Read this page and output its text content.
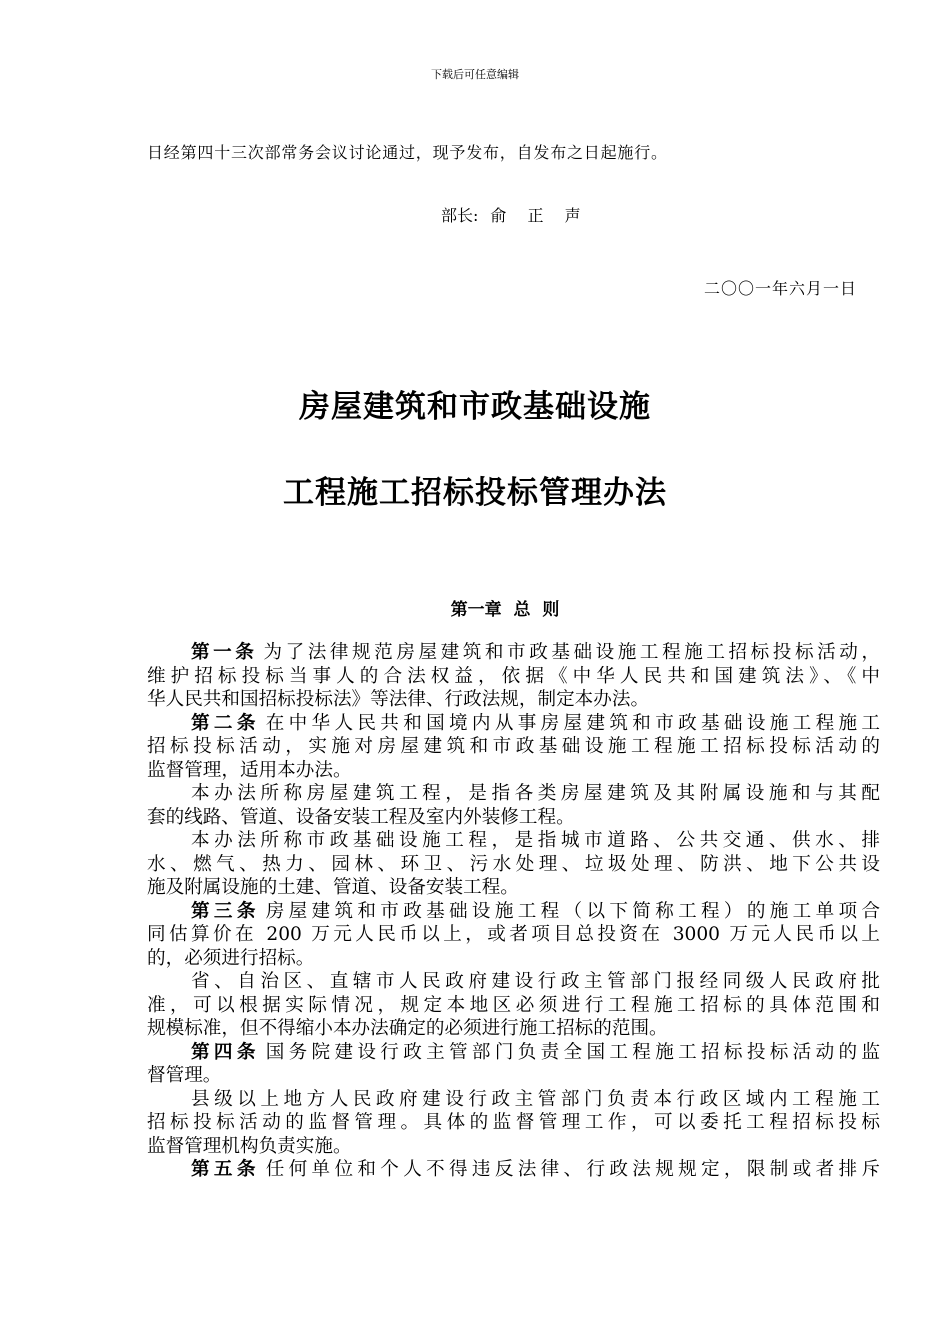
下载后可任意编辑
日经第四十三次部常务会议讨论通过，现予发布，自发布之日起施行。
部长: 俞 正 声
二〇〇一年六月一日
房屋建筑和市政基础设施
工程施工招标投标管理办法
第一章  总  则
第一条 为了法律规范房屋建筑和市政基础设施工程施工招标投标活动，
维护招标投标当事人的合法权益，依据《中华人民共和国建筑法》、《中
华人民共和国招标投标法》等法律、行政法规，制定本办法。
第二条 在中华人民共和国境内从事房屋建筑和市政基础设施工程施工
招标投标活动，实施对房屋建筑和市政基础设施工程施工招标投标活动的
监督管理，适用本办法。
本办法所称房屋建筑工程，是指各类房屋建筑及其附属设施和与其配
套的线路、管道、设备安装工程及室内外装修工程。
本办法所称市政基础设施工程，是指城市道路、公共交通、供水、排
水、燃气、热力、园林、环卫、污水处理、垃圾处理、防洪、地下公共设
施及附属设施的土建、管道、设备安装工程。
第三条 房屋建筑和市政基础设施工程（以下简称工程）的施工单项合
同估算价在 200 万元人民币以上，或者项目总投资在 3000 万元人民币以上
的，必须进行招标。
省、自治区、直辖市人民政府建设行政主管部门报经同级人民政府批
准，可以根据实际情况，规定本地区必须进行工程施工招标的具体范围和
规模标准，但不得缩小本办法确定的必须进行施工招标的范围。
第四条 国务院建设行政主管部门负责全国工程施工招标投标活动的监
督管理。
县级以上地方人民政府建设行政主管部门负责本行政区域内工程施工
招标投标活动的监督管理。具体的监督管理工作，可以委托工程招标投标
监督管理机构负责实施。
第五条 任何单位和个人不得违反法律、行政法规规定，限制或者排斥
